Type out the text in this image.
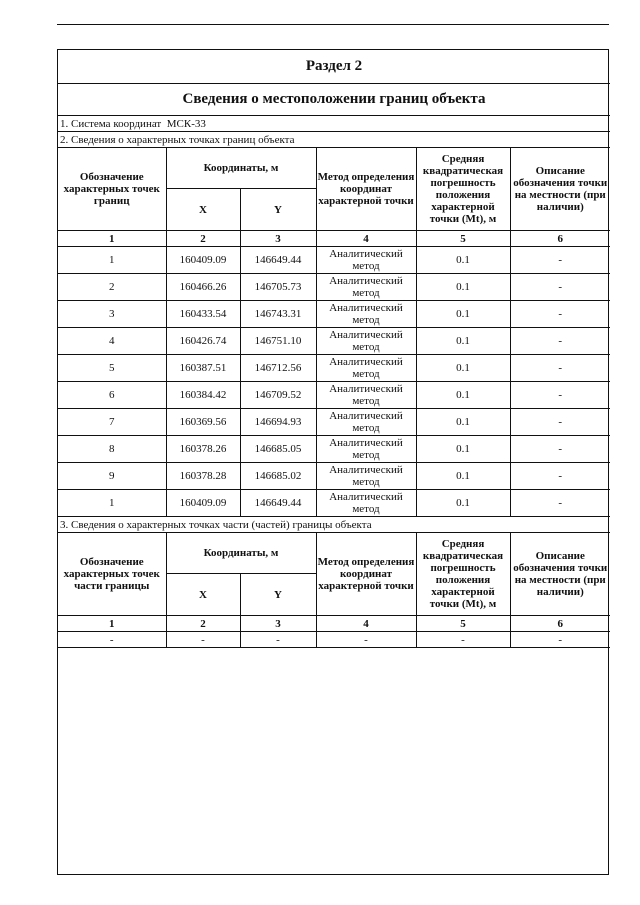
Раздел 2					
Сведения о местоположении границ объекта					
1. Система координат МСК-33					
2. Сведения о характерных точках границ объекта					
Обозначение характерных точек границ	Координаты, м		Метод определения координат характерной точки	Средняя квадратическая погрешность положения характерной точки (Mt), м	Описание обозначения точки на местности (при наличии)
	X	Y			
1	2	3	4	5	6
1	160409.09	146649.44	Аналитический метод	0.1	-
2	160466.26	146705.73	Аналитический метод	0.1	-
3	160433.54	146743.31	Аналитический метод	0.1	-
4	160426.74	146751.10	Аналитический метод	0.1	-
5	160387.51	146712.56	Аналитический метод	0.1	-
6	160384.42	146709.52	Аналитический метод	0.1	-
7	160369.56	146694.93	Аналитический метод	0.1	-
8	160378.26	146685.05	Аналитический метод	0.1	-
9	160378.28	146685.02	Аналитический метод	0.1	-
1	160409.09	146649.44	Аналитический метод	0.1	-
3. Сведения о характерных точках части (частей) границы объекта					
Обозначение характерных точек части границы	Координаты, м		Метод определения координат характерной точки	Средняя квадратическая погрешность положения характерной точки (Mt), м	Описание обозначения точки на местности (при наличии)
	X	Y			
1	2	3	4	5	6
-	-	-	-	-	-
